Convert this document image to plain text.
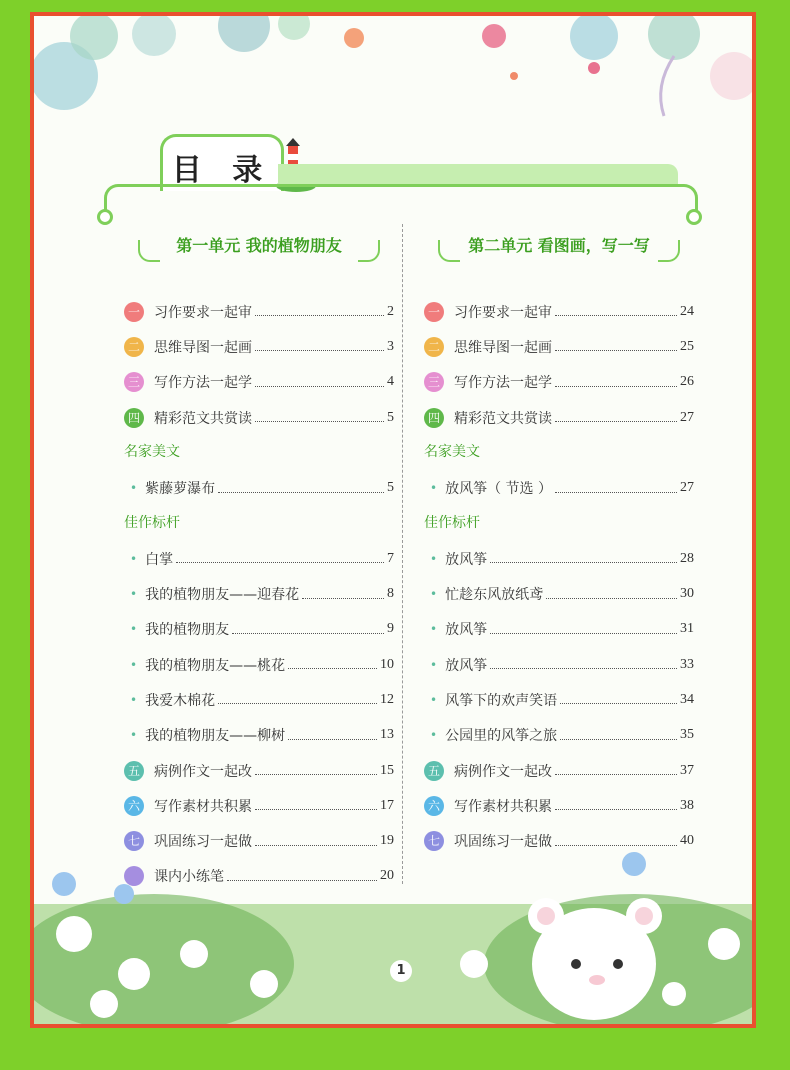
目 录
第一单元 我的植物朋友
一 习作要求一起审	2
二 思维导图一起画	3
三 写作方法一起学	4
四 精彩范文共赏读	5
名家美文
• 紫藤萝瀑布	5
佳作标杆
• 白掌	7
• 我的植物朋友——迎春花	8
• 我的植物朋友	9
• 我的植物朋友——桃花	10
• 我爱木棉花	12
• 我的植物朋友——柳树	13
五 病例作文一起改	15
六 写作素材共积累	17
七 巩固练习一起做	19
课内小练笔	20
第二单元 看图画，写一写
一 习作要求一起审	24
二 思维导图一起画	25
三 写作方法一起学	26
四 精彩范文共赏读	27
名家美文
• 放风筝（ 节选 ）	27
佳作标杆
• 放风筝	28
• 忙趁东风放纸鸢	30
• 放风筝	31
• 放风筝	33
• 风筝下的欢声笑语	34
• 公园里的风筝之旅	35
五 病例作文一起改	37
六 写作素材共积累	38
七 巩固练习一起做	40
1
